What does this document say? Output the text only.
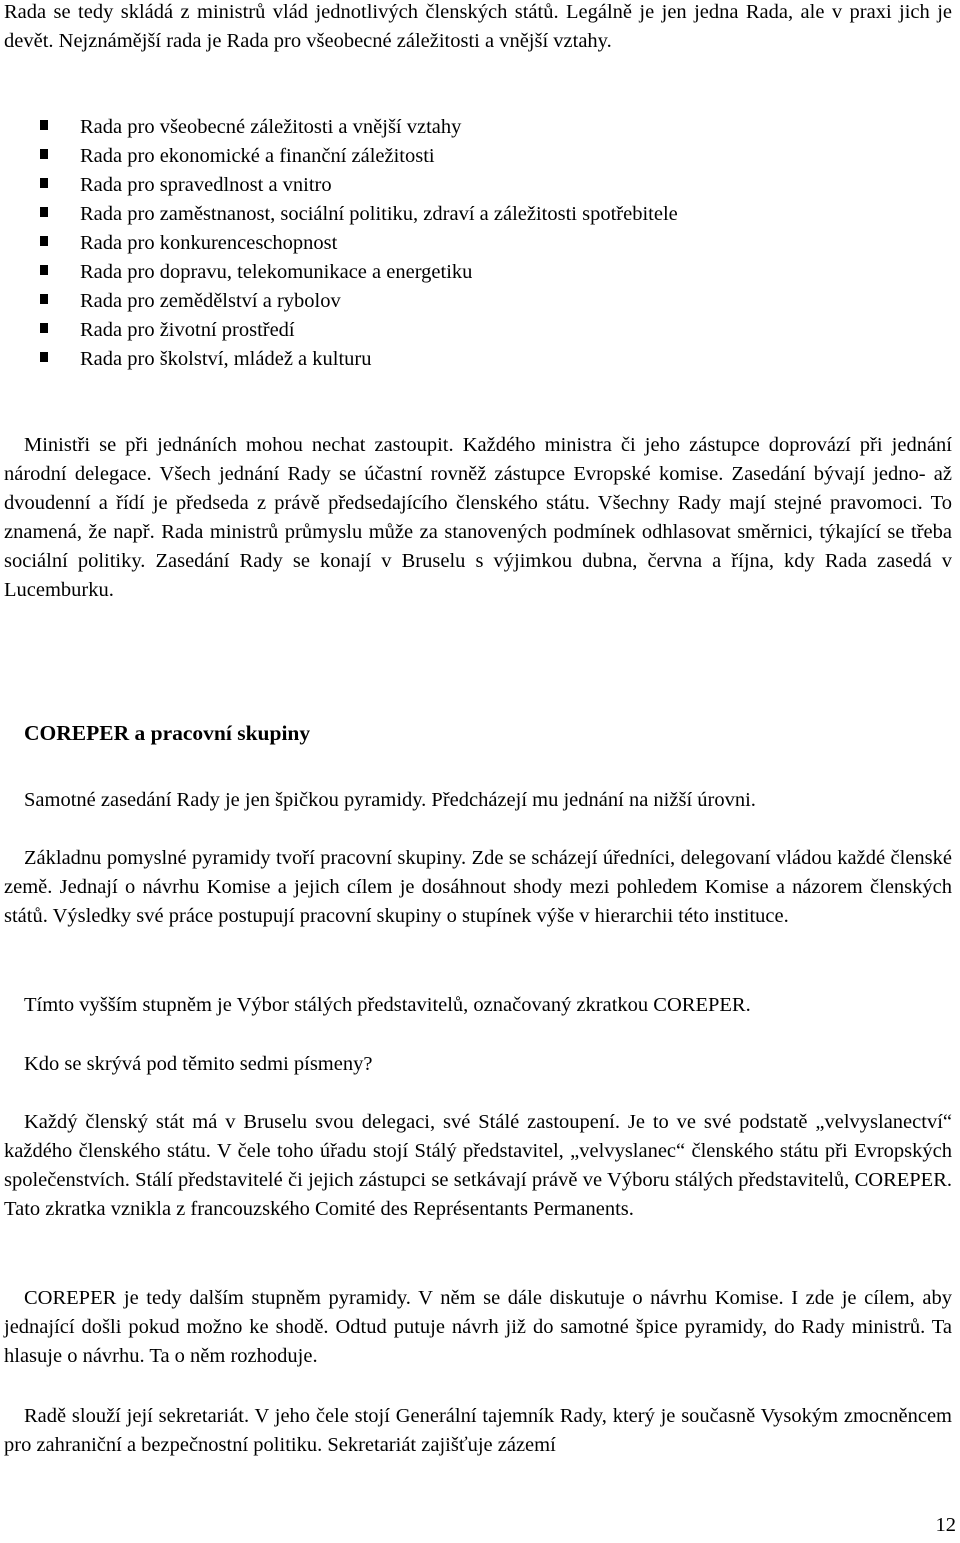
Rada se tedy skládá z ministrů vlád jednotlivých členských států. Legálně je jen jedna Rada, ale v praxi jich je devět. Nejznámější rada je Rada pro všeobecné záležitosti a vnější vztahy.

Rada pro všeobecné záležitosti a vnější vztahy
Rada pro ekonomické a finanční záležitosti
Rada pro spravedlnost a vnitro
Rada pro zaměstnanost, sociální politiku, zdraví a záležitosti spotřebitele
Rada pro konkurenceschopnost
Rada pro dopravu, telekomunikace a energetiku
Rada pro zemědělství a rybolov
Rada pro životní prostředí
Rada pro školství, mládež a kulturu

Ministři se při jednáních mohou nechat zastoupit. Každého ministra či jeho zástupce doprovází při jednání národní delegace. Všech jednání Rady se účastní rovněž zástupce Evropské komise. Zasedání bývají jedno- až dvoudenní a řídí je předseda z právě předsedajícího členského státu. Všechny Rady mají stejné pravomoci. To znamená, že např. Rada ministrů průmyslu může za stanovených podmínek odhlasovat směrnici, týkající se třeba sociální politiky. Zasedání Rady se konají v Bruselu s výjimkou dubna, června a října, kdy Rada zasedá v Lucemburku.

COREPER a pracovní skupiny

Samotné zasedání Rady je jen špičkou pyramidy. Předcházejí mu jednání na nižší úrovni.

Základnu pomyslné pyramidy tvoří pracovní skupiny. Zde se scházejí úředníci, delegovaní vládou každé členské země. Jednají o návrhu Komise a jejich cílem je dosáhnout shody mezi pohledem Komise a názorem členských států. Výsledky své práce postupují pracovní skupiny o stupínek výše v hierarchii této instituce.

Tímto vyšším stupněm je Výbor stálých představitelů, označovaný zkratkou COREPER.

Kdo se skrývá pod těmito sedmi písmeny?

Každý členský stát má v Bruselu svou delegaci, své Stálé zastoupení. Je to ve své podstatě „velvyslanectví“ každého členského státu. V čele toho úřadu stojí Stálý představitel, „velvyslanec“ členského státu při Evropských společenstvích. Stálí představitelé či jejich zástupci se setkávají právě ve Výboru stálých představitelů, COREPER. Tato zkratka vznikla z francouzského Comité des Représentants Permanents.

COREPER je tedy dalším stupněm pyramidy. V něm se dále diskutuje o návrhu Komise. I zde je cílem, aby jednající došli pokud možno ke shodě. Odtud putuje návrh již do samotné špice pyramidy, do Rady ministrů. Ta hlasuje o návrhu. Ta o něm rozhoduje.

Radě slouží její sekretariát. V jeho čele stojí Generální tajemník Rady, který je současně Vysokým zmocněncem pro zahraniční a bezpečnostní politiku. Sekretariát zajišťuje zázemí

12
